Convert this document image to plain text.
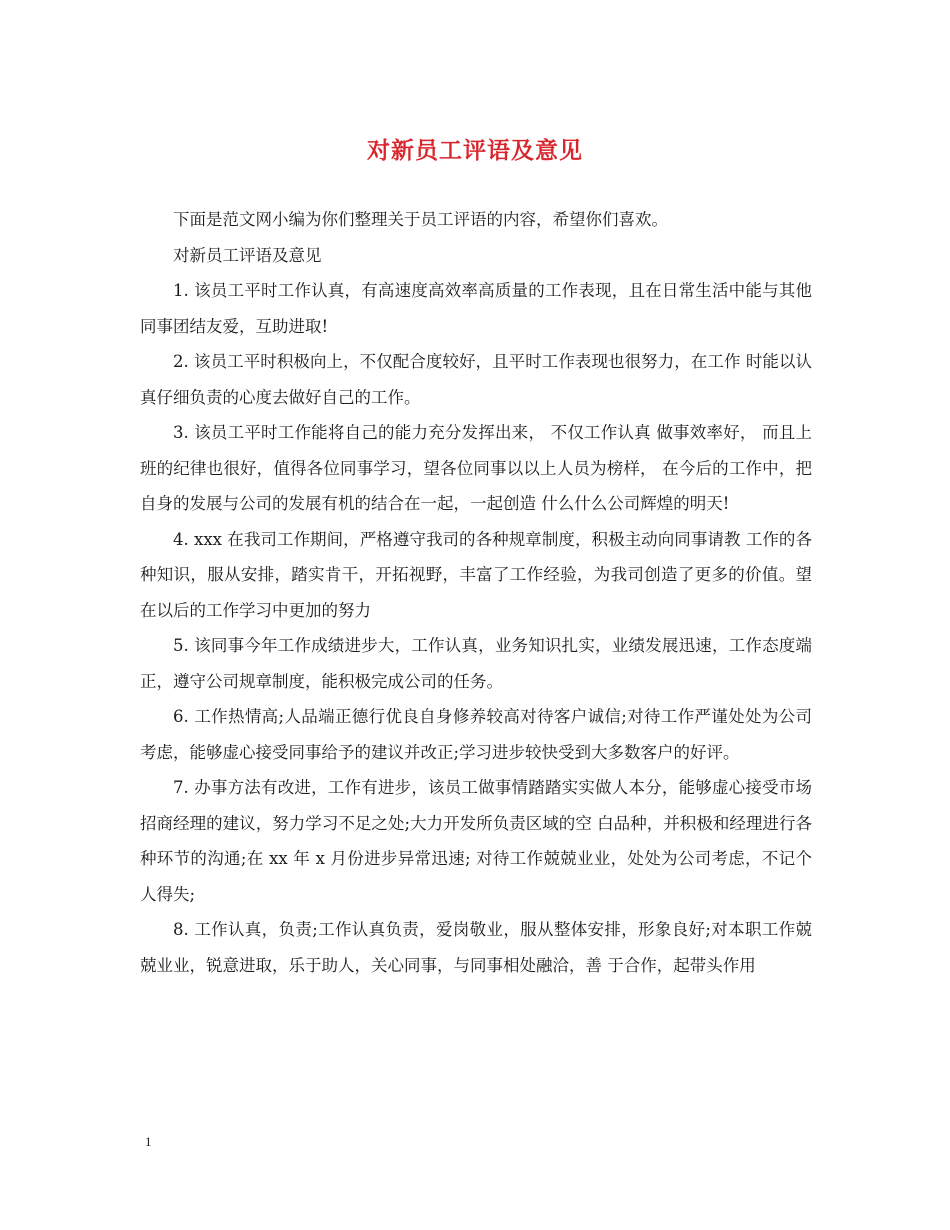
对新员工评语及意见

下面是范文网小编为你们整理关于员工评语的内容，希望你们喜欢。

对新员工评语及意见

1. 该员工平时工作认真，有高速度高效率高质量的工作表现，且在日常生活中能与其他同事团结友爱，互助进取!

2. 该员工平时积极向上，不仅配合度较好，且平时工作表现也很努力，在工作 时能以认真仔细负责的心度去做好自己的工作。

3. 该员工平时工作能将自己的能力充分发挥出来， 不仅工作认真 做事效率好， 而且上班的纪律也很好，值得各位同事学习，望各位同事以以上人员为榜样， 在今后的工作中，把自身的发展与公司的发展有机的结合在一起，一起创造 什么什么公司辉煌的明天!

4. xxx 在我司工作期间，严格遵守我司的各种规章制度，积极主动向同事请教 工作的各种知识，服从安排，踏实肯干，开拓视野，丰富了工作经验，为我司创造了更多的价值。望在以后的工作学习中更加的努力

5. 该同事今年工作成绩进步大，工作认真，业务知识扎实，业绩发展迅速，工作态度端正，遵守公司规章制度，能积极完成公司的任务。

6. 工作热情高;人品端正德行优良自身修养较高对待客户诚信;对待工作严谨处处为公司考虑，能够虚心接受同事给予的建议并改正;学习进步较快受到大多数客户的好评。

7. 办事方法有改进，工作有进步，该员工做事情踏踏实实做人本分，能够虚心接受市场招商经理的建议，努力学习不足之处;大力开发所负责区域的空 白品种，并积极和经理进行各种环节的沟通;在 xx 年 x 月份进步异常迅速; 对待工作兢兢业业，处处为公司考虑，不记个人得失;

8. 工作认真，负责;工作认真负责，爱岗敬业，服从整体安排，形象良好;对本职工作兢兢业业，锐意进取，乐于助人，关心同事，与同事相处融洽，善 于合作，起带头作用

1
